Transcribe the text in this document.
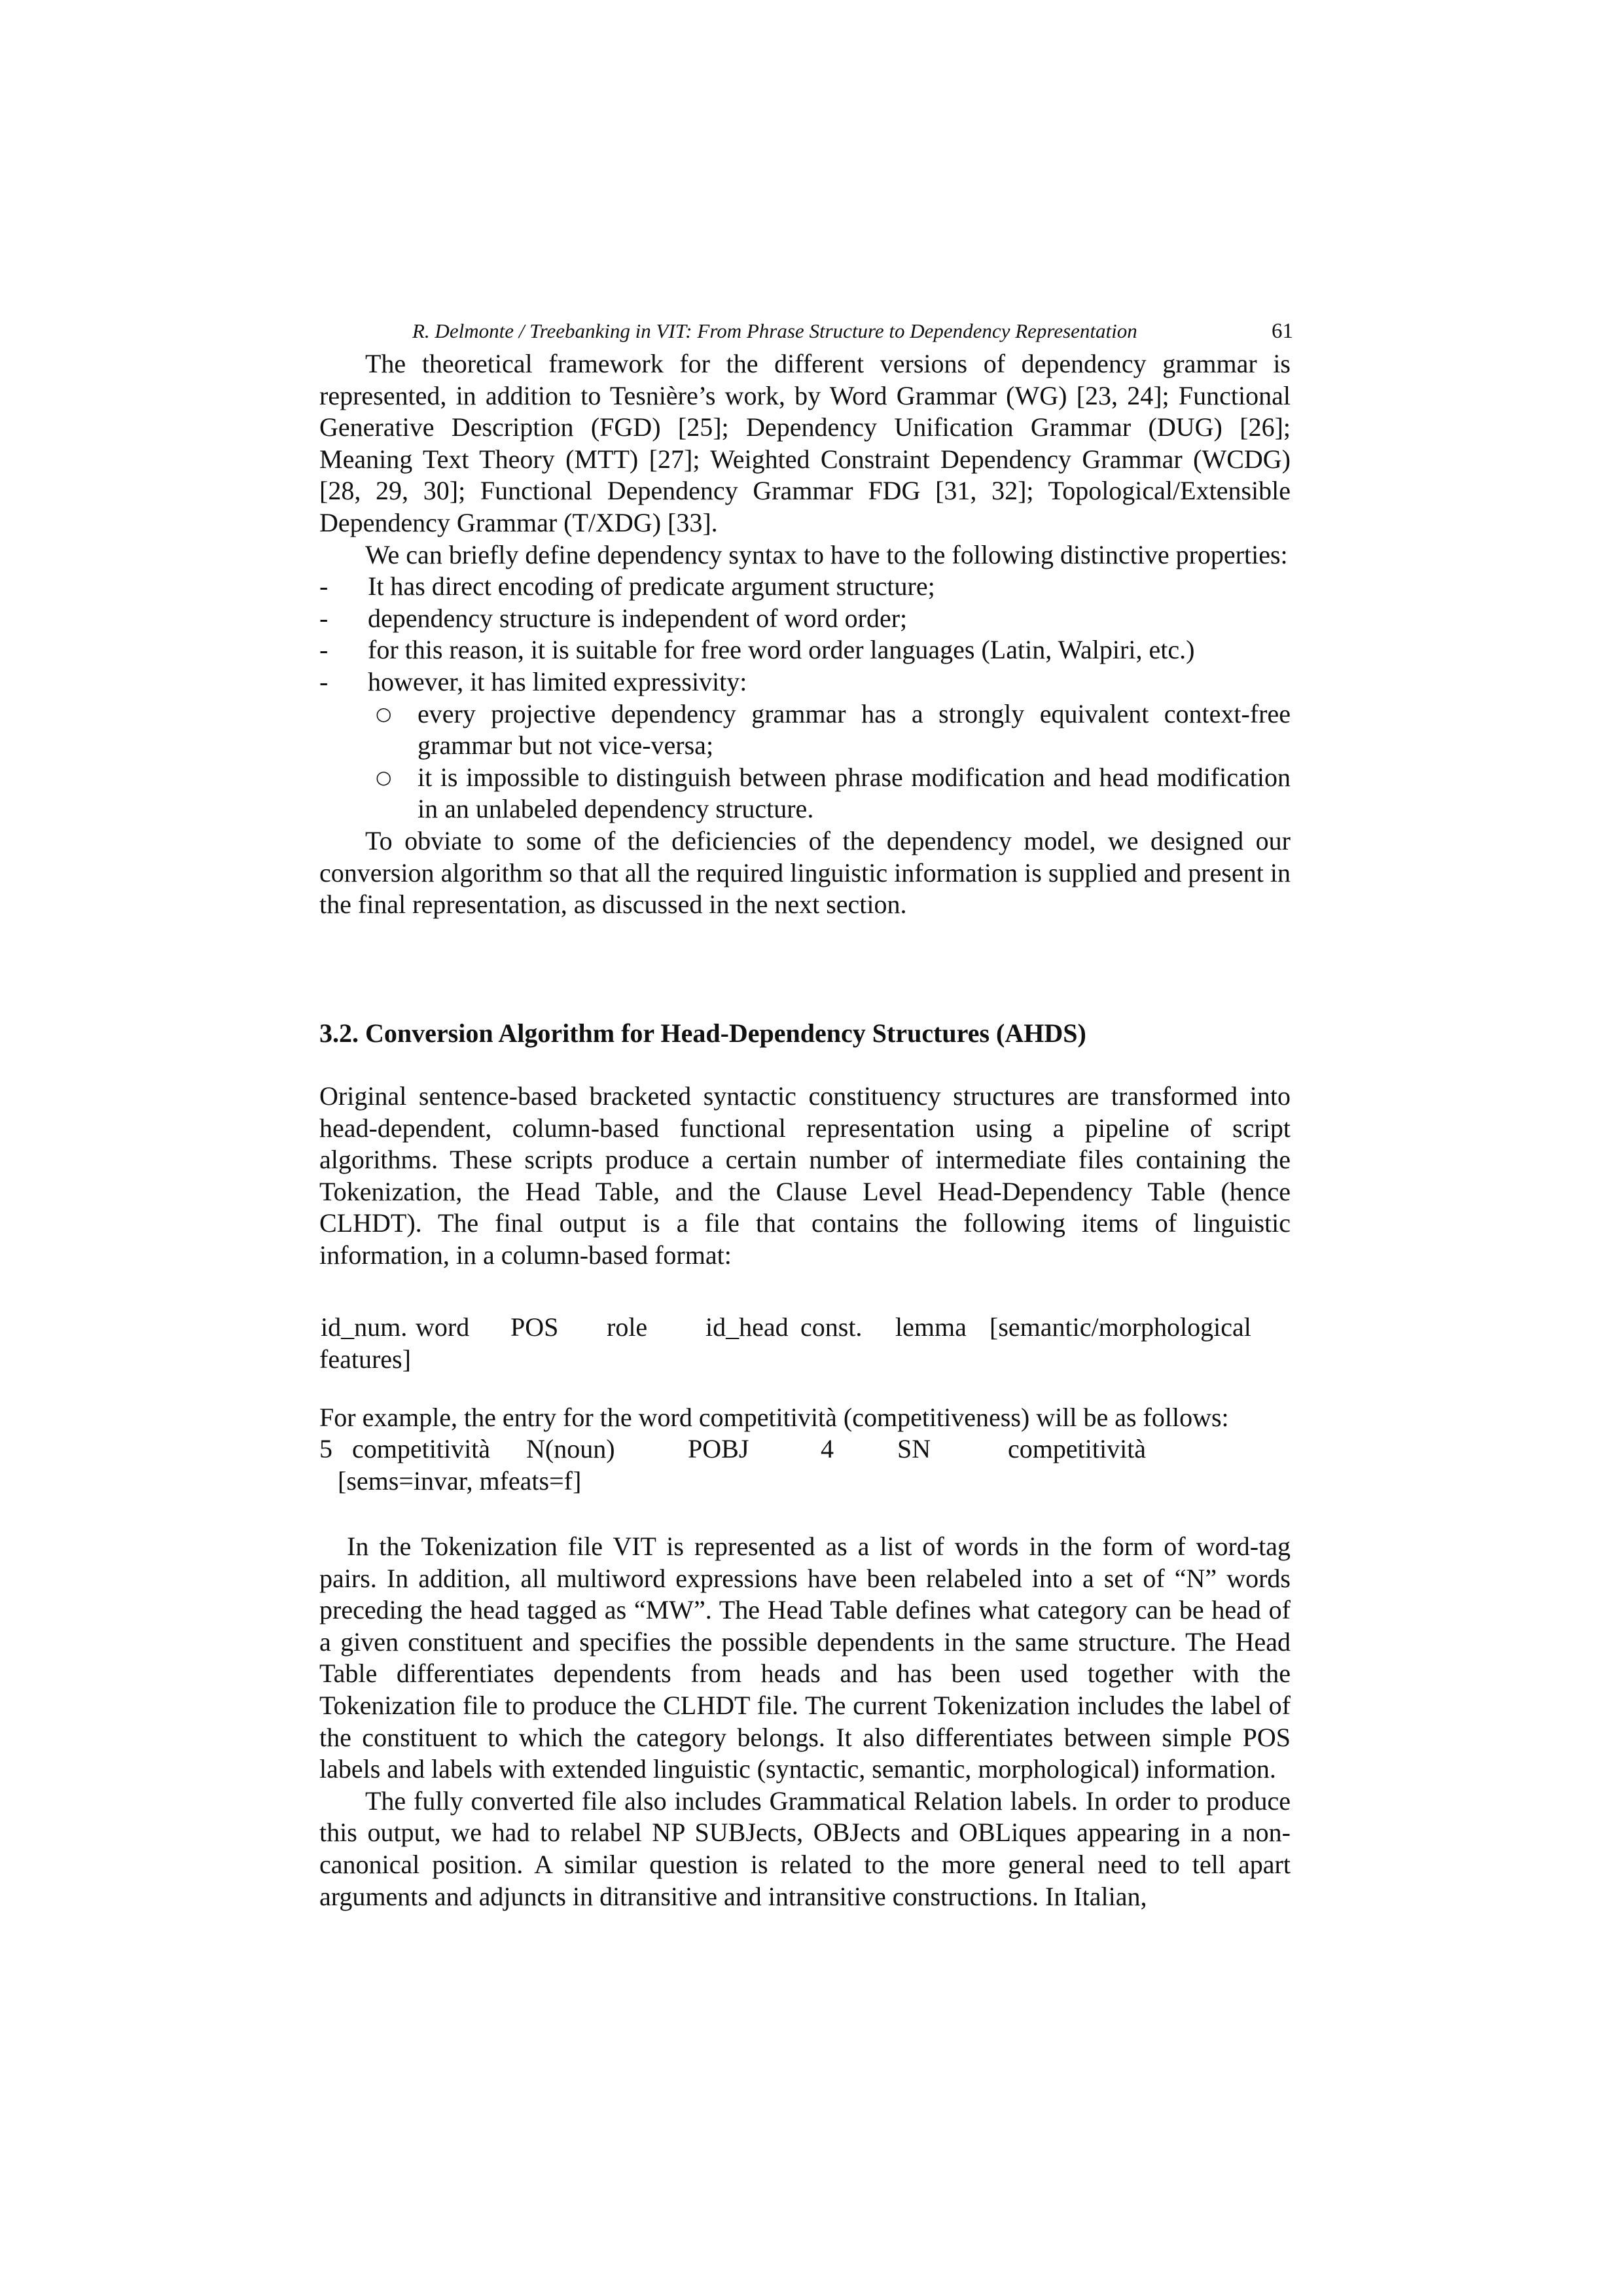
R. Delmonte / Treebanking in VIT: From Phrase Structure to Dependency Representation	61

The theoretical framework for the different versions of dependency grammar is represented, in addition to Tesnière’s work, by Word Grammar (WG) [23, 24]; Functional Generative Description (FGD) [25]; Dependency Unification Grammar (DUG) [26]; Meaning Text Theory (MTT) [27]; Weighted Constraint Dependency Grammar (WCDG) [28, 29, 30]; Functional Dependency Grammar FDG [31, 32]; Topological/Extensible Dependency Grammar (T/XDG) [33].

We can briefly define dependency syntax to have to the following distinctive properties:

- It has direct encoding of predicate argument structure;
- dependency structure is independent of word order;
- for this reason, it is suitable for free word order languages (Latin, Walpiri, etc.)
- however, it has limited expressivity:
○ every projective dependency grammar has a strongly equivalent context-free grammar but not vice-versa;
○ it is impossible to distinguish between phrase modification and head modification in an unlabeled dependency structure.

To obviate to some of the deficiencies of the dependency model, we designed our conversion algorithm so that all the required linguistic information is supplied and present in the final representation, as discussed in the next section.

3.2. Conversion Algorithm for Head-Dependency Structures (AHDS)

Original sentence-based bracketed syntactic constituency structures are transformed into head-dependent, column-based functional representation using a pipeline of script algorithms. These scripts produce a certain number of intermediate files containing the Tokenization, the Head Table, and the Clause Level Head-Dependency Table (hence CLHDT). The final output is a file that contains the following items of linguistic information, in a column-based format:

id_num. word POS role id_head const. lemma [semantic/morphological
features]
For example, the entry for the word competitività (competitiveness) will be as follows:
5 competitività N(noun)	POBJ	4 SN	competitività
[sems=invar, mfeats=f]

In the Tokenization file VIT is represented as a list of words in the form of word-tag pairs. In addition, all multiword expressions have been relabeled into a set of “N” words preceding the head tagged as “MW”. The Head Table defines what category can be head of a given constituent and specifies the possible dependents in the same structure. The Head Table differentiates dependents from heads and has been used together with the Tokenization file to produce the CLHDT file. The current Tokenization includes the label of the constituent to which the category belongs. It also differentiates between simple POS labels and labels with extended linguistic (syntactic, semantic, morphological) information.

The fully converted file also includes Grammatical Relation labels. In order to produce this output, we had to relabel NP SUBJects, OBJects and OBLiques appearing in a non-canonical position. A similar question is related to the more general need to tell apart arguments and adjuncts in ditransitive and intransitive constructions. In Italian,
